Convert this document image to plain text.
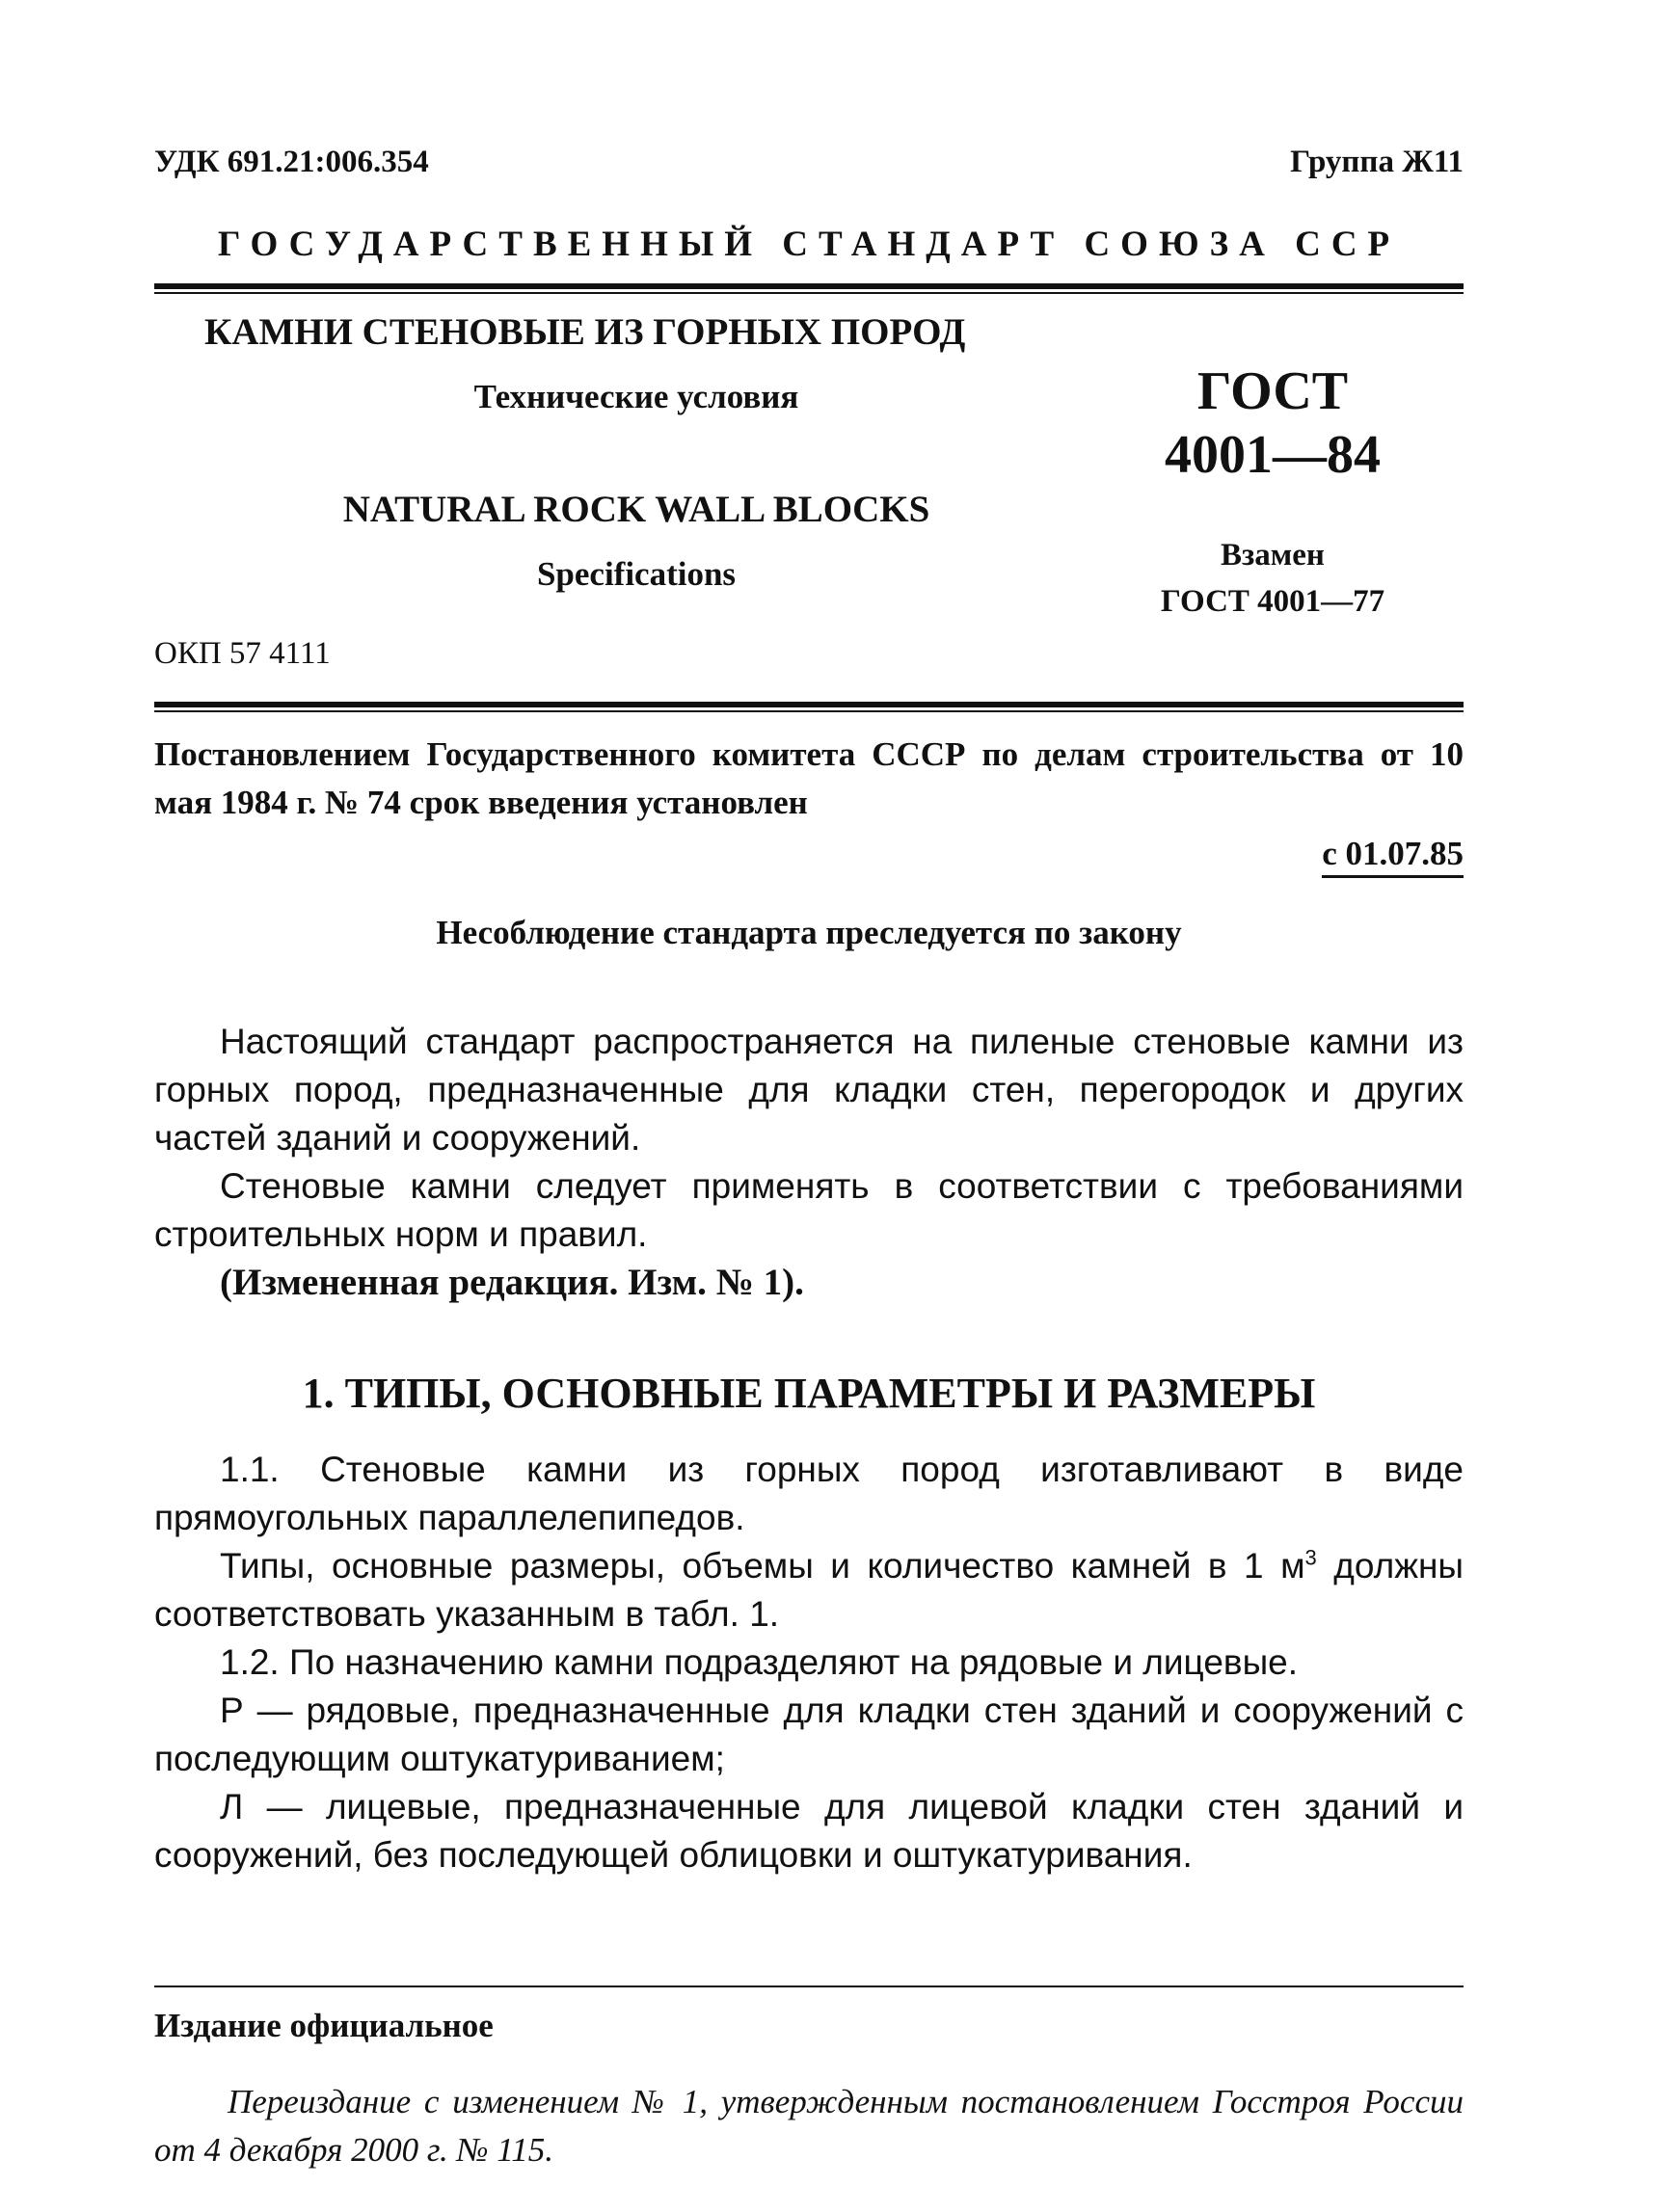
УДК 691.21:006.354	Группа Ж11
ГОСУДАРСТВЕННЫЙ СТАНДАРТ СОЮЗА ССР
КАМНИ СТЕНОВЫЕ ИЗ ГОРНЫХ ПОРОД
Технические условия
NATURAL ROCK WALL BLOCKS
Specifications
ОКП 57 4111
ГОСТ
4001—84
Взамен
ГОСТ 4001—77
Постановлением Государственного комитета СССР по делам строительства от 10 мая 1984 г. № 74 срок введения установлен
с 01.07.85
Несоблюдение стандарта преследуется по закону

Настоящий стандарт распространяется на пиленые стеновые камни из горных пород, предназначенные для кладки стен, перегородок и других частей зданий и сооружений.

Стеновые камни следует применять в соответствии с требованиями строительных норм и правил.

(Измененная редакция. Изм. № 1).

1. ТИПЫ, ОСНОВНЫЕ ПАРАМЕТРЫ И РАЗМЕРЫ

1.1. Стеновые камни из горных пород изготавливают в виде прямоугольных параллелепипедов.

Типы, основные размеры, объемы и количество камней в 1 $м^3$ должны соответствовать указанным в табл. 1.

1.2. По назначению камни подразделяют на рядовые и лицевые.

Р — рядовые, предназначенные для кладки стен зданий и сооружений с последующим оштукатуриванием;

Л — лицевые, предназначенные для лицевой кладки стен зданий и сооружений, без последующей облицовки и оштукатуривания.

Издание официальное
Переиздание с изменением № 1, утвержденным постановлением Госстроя России от 4 декабря 2000 г. № 115.
